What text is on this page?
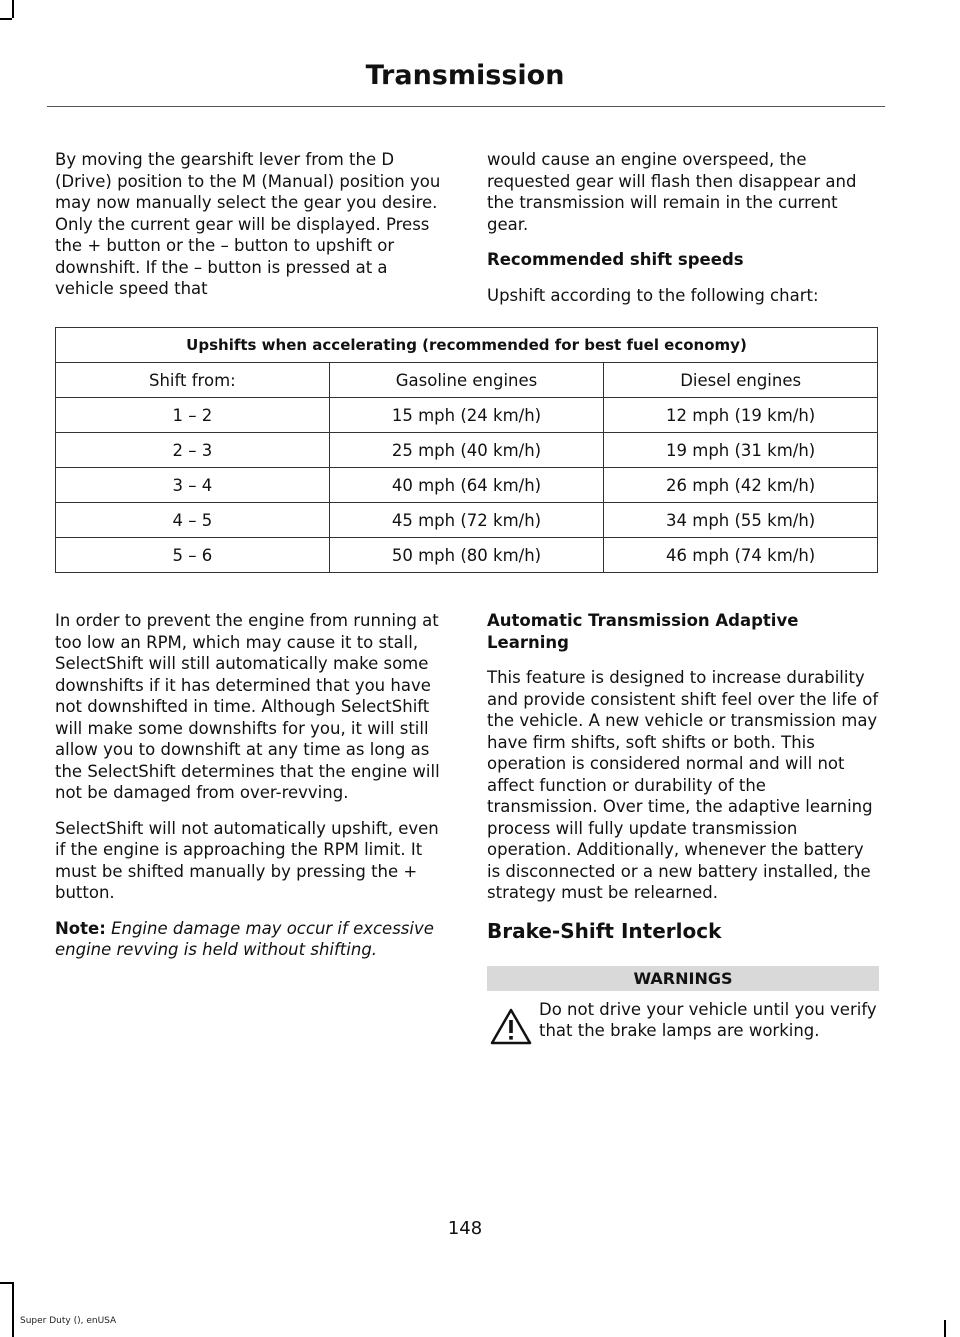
Transmission

By moving the gearshift lever from the D (Drive) position to the M (Manual) position you may now manually select the gear you desire. Only the current gear will be displayed. Press the + button or the – button to upshift or downshift. If the – button is pressed at a vehicle speed that

would cause an engine overspeed, the requested gear will flash then disappear and the transmission will remain in the current gear.

Recommended shift speeds

Upshift according to the following chart:

Upshifts when accelerating (recommended for best fuel economy)		
Shift from:	Gasoline engines	Diesel engines
1 – 2	15 mph (24 km/h)	12 mph (19 km/h)
2 – 3	25 mph (40 km/h)	19 mph (31 km/h)
3 – 4	40 mph (64 km/h)	26 mph (42 km/h)
4 – 5	45 mph (72 km/h)	34 mph (55 km/h)
5 – 6	50 mph (80 km/h)	46 mph (74 km/h)

In order to prevent the engine from running at too low an RPM, which may cause it to stall, SelectShift will still automatically make some downshifts if it has determined that you have not downshifted in time. Although SelectShift will make some downshifts for you, it will still allow you to downshift at any time as long as the SelectShift determines that the engine will not be damaged from over-revving.

SelectShift will not automatically upshift, even if the engine is approaching the RPM limit. It must be shifted manually by pressing the + button.

Note: Engine damage may occur if excessive engine revving is held without shifting.

Automatic Transmission Adaptive Learning

This feature is designed to increase durability and provide consistent shift feel over the life of the vehicle. A new vehicle or transmission may have firm shifts, soft shifts or both. This operation is considered normal and will not affect function or durability of the transmission. Over time, the adaptive learning process will fully update transmission operation. Additionally, whenever the battery is disconnected or a new battery installed, the strategy must be relearned.

Brake-Shift Interlock
WARNINGS
Do not drive your vehicle until you verify that the brake lamps are working.
148
Super Duty (), enUSA
